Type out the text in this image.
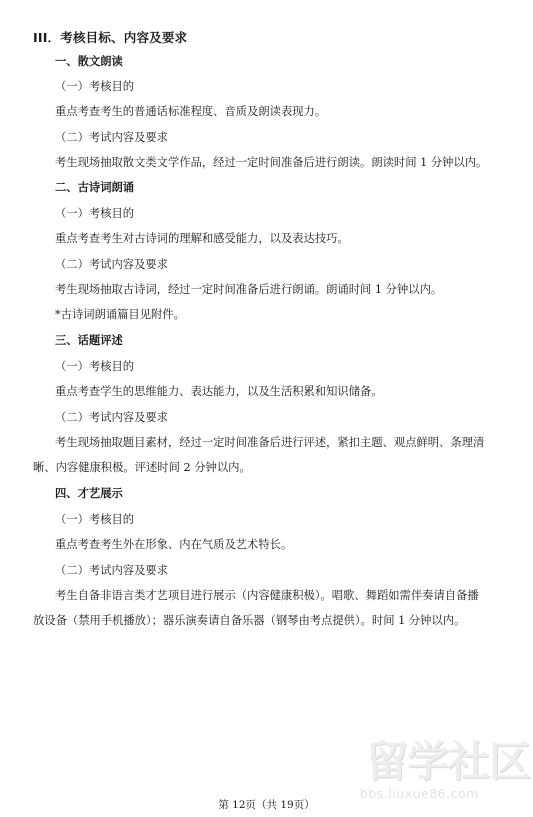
III．考核目标、内容及要求
一、散文朗读
（一）考核目的
重点考查考生的普通话标准程度、音质及朗读表现力。
（二）考试内容及要求
考生现场抽取散文类文学作品，经过一定时间准备后进行朗读。朗读时间 1 分钟以内。
二、古诗词朗诵
（一）考核目的
重点考查考生对古诗词的理解和感受能力，以及表达技巧。
（二）考试内容及要求
考生现场抽取古诗词，经过一定时间准备后进行朗诵。朗诵时间 1 分钟以内。
*古诗词朗诵篇目见附件。
三、话题评述
（一）考核目的
重点考查学生的思维能力、表达能力，以及生活积累和知识储备。
（二）考试内容及要求
考生现场抽取题目素材，经过一定时间准备后进行评述，紧扣主题、观点鲜明、条理清
晰、内容健康积极。评述时间 2 分钟以内。
四、才艺展示
（一）考核目的
重点考查考生外在形象、内在气质及艺术特长。
（二）考试内容及要求
考生自备非语言类才艺项目进行展示（内容健康积极）。唱歌、舞蹈如需伴奏请自备播
放设备（禁用手机播放）；器乐演奏请自备乐器（钢琴由考点提供）。时间 1 分钟以内。
留学社区
bbs.liuxue86.com
第 12页（共 19页）
